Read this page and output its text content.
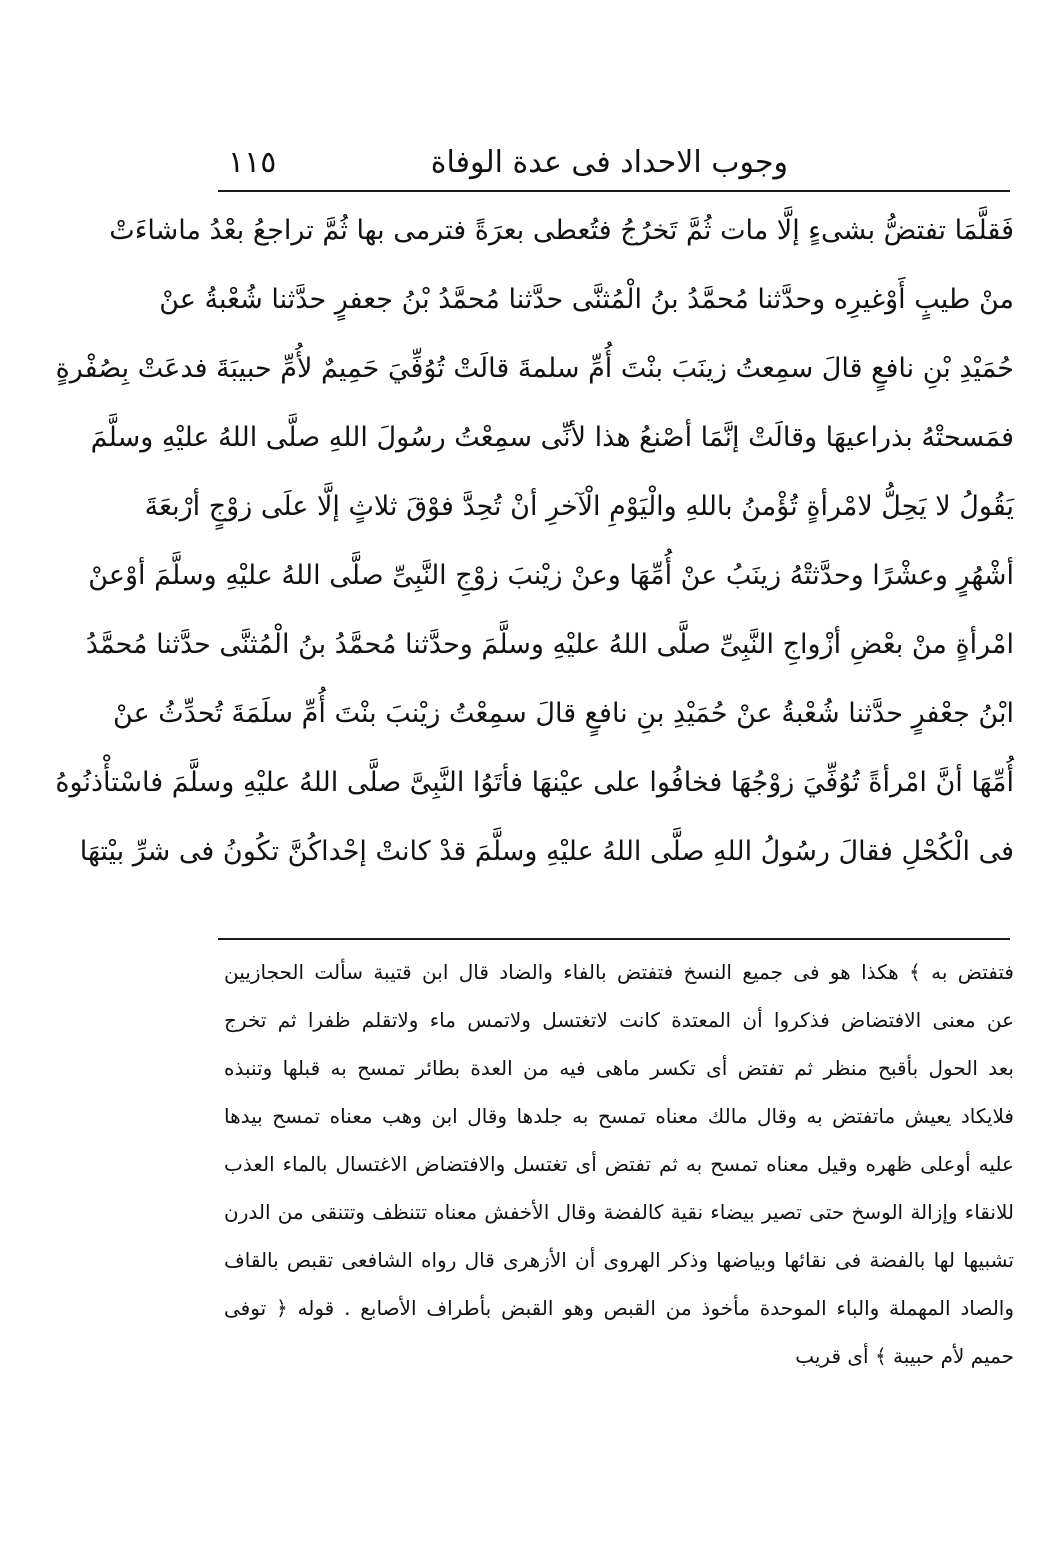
وجوب الاحداد فى عدة الوفاة
١١٥
فَقلَّمَا تفتضُّ بشىءٍ إلَّا مات ثُمَّ تَخرُجُ فتُعطى بعرَةً فترمى بها ثُمَّ تراجعُ بعْدُ ماشاءَتْ
منْ طيبٍ أَوْغيرِه وحدَّثنا مُحمَّدُ بنُ الْمُثنَّى حدَّثنا مُحمَّدُ بْنُ جعفرٍ حدَّثنا شُعْبةُ عنْ
حُمَيْدِ بْنِ نافعٍ قالَ سمِعتُ زينَبَ بنْتَ أُمِّ سلمةَ قالَتْ تُوُفِّيَ حَمِيمٌ لأُمِّ حبيبَةَ فدعَتْ بِصُفْرةٍ
فمَسحتْهُ بذراعيهَا وقالَتْ إنَّمَا أصْنعُ هذا لأنِّى سمِعْتُ رسُولَ اللهِ صلَّى اللهُ عليْهِ وسلَّمَ
يَقُولُ لا يَحِلُّ لامْرأةٍ تُؤْمنُ باللهِ والْيَوْمِ الْآخرِ أنْ تُحِدَّ فوْقَ ثلاثٍ إلَّا علَى زوْجٍ أرْبعَةَ
أشْهُرٍ وعشْرًا وحدَّثتْهُ زينَبُ عنْ أُمِّهَا وعنْ زيْنبَ زوْجِ النَّبِىِّ صلَّى اللهُ عليْهِ وسلَّمَ أوْعنْ
امْرأةٍ منْ بعْضِ أزْواجِ النَّبِىِّ صلَّى اللهُ عليْهِ وسلَّمَ وحدَّثنا مُحمَّدُ بنُ الْمُثنَّى حدَّثنا مُحمَّدُ
ابْنُ جعْفرٍ حدَّثنا شُعْبةُ عنْ حُمَيْدِ بنِ نافعٍ قالَ سمِعْتُ زيْنبَ بنْتَ أُمِّ سلَمَةَ تُحدِّثُ عنْ
أُمِّهَا أنَّ امْرأةً تُوُفِّيَ زوْجُهَا فخافُوا على عيْنهَا فأتَوُا النَّبِىَّ صلَّى اللهُ عليْهِ وسلَّمَ فاسْتأْذنُوهُ
فى الْكُحْلِ فقالَ رسُولُ اللهِ صلَّى اللهُ عليْهِ وسلَّمَ قدْ كانتْ إحْداكُنَّ تكُونُ فى شرِّ بيْتهَا
فتفتض به ﴾ هكذا هو فى جميع النسخ فتفتض بالفاء والضاد قال ابن قتيبة سألت الحجازيين
عن معنى الافتضاض فذكروا أن المعتدة كانت لاتغتسل ولاتمس ماء ولاتقلم ظفرا ثم تخرج
بعد الحول بأقبح منظر ثم تفتض أى تكسر ماهى فيه من العدة بطائر تمسح به قبلها وتنبذه
فلايكاد يعيش ماتفتض به وقال مالك معناه تمسح به جلدها وقال ابن وهب معناه تمسح بيدها
عليه أوعلى ظهره وقيل معناه تمسح به ثم تفتض أى تغتسل والافتضاض الاغتسال بالماء العذب
للانقاء وإزالة الوسخ حتى تصير بيضاء نقية كالفضة وقال الأخفش معناه تتنظف وتتنقى من الدرن
تشبيها لها بالفضة فى نقائها وبياضها وذكر الهروى أن الأزهرى قال رواه الشافعى تقبص بالقاف
والصاد المهملة والباء الموحدة مأخوذ من القبص وهو القبض بأطراف الأصابع . قوله ﴿ توفى
حميم لأم حبيبة ﴾ أى قريب
